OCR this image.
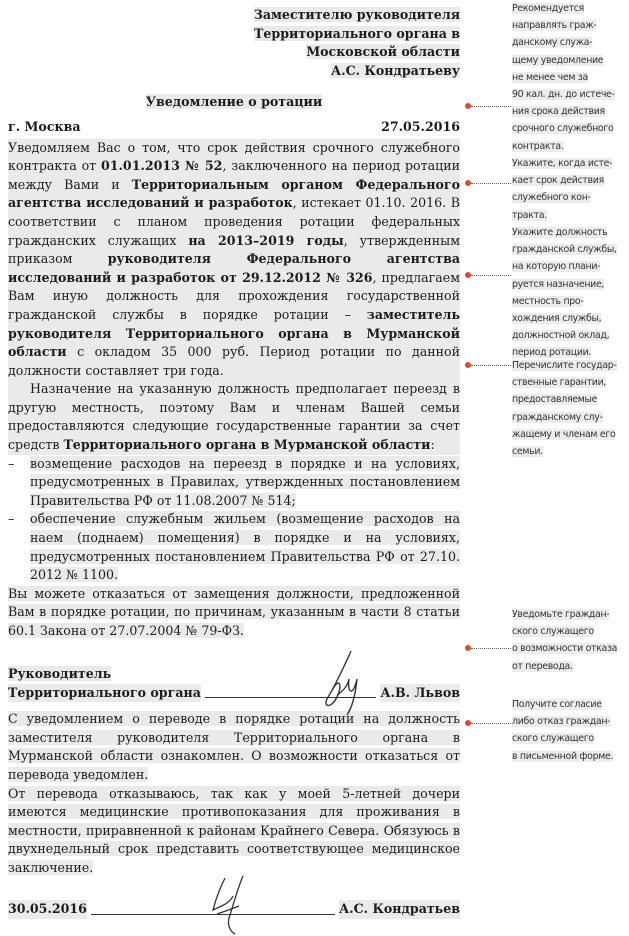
Заместителю руководителя
Территориального органа в Московской области
А.С. Кондратьеву
Уведомление о ротации
г. Москва	27.05.2016

Уведомляем Вас о том, что срок действия срочного служебного контракта от 01.01.2013 № 52, заключенного на период ротации между Вами и Территориальным органом Федерального агентства исследований и разработок, истекает 01.10. 2016. В соответствии с планом проведения ротации федеральных гражданских служащих на 2013–2019 годы, утвержденным приказом руководителя Федерального агентства исследований и разработок от 29.12.2012 № 326, предлагаем Вам иную должность для прохождения государственной гражданской службы в порядке ротации – заместитель руководителя Территориального органа в Мурманской области с окладом 35 000 руб. Период ротации по данной должности составляет три года.

Назначение на указанную должность предполагает переезд в другую местность, поэтому Вам и членам Вашей семьи предоставляются следующие государственные гарантии за счет средств Территориального органа в Мурманской области:

– возмещение расходов на переезд в порядке и на условиях, предусмотренных в Правилах, утвержденных постановлением Правительства РФ от 11.08.2007 № 514;
– обеспечение служебным жильем (возмещение расходов на наем (поднаем) помещения) в порядке и на условиях, предусмотренных постановлением Правительства РФ от 27.10. 2012 № 1100.

Вы можете отказаться от замещения должности, предложенной Вам в порядке ротации, по причинам, указанным в части 8 статьи 60.1 Закона от 27.07.2004 № 79-ФЗ.

Руководитель
Территориального органа	А.В. Львов

С уведомлением о переводе в порядке ротации на должность заместителя руководителя Территориального органа в Мурманской области ознакомлен. О возможности отказаться от перевода уведомлен.

От перевода отказываюсь, так как у моей 5-летней дочери имеются медицинские противопоказания для проживания в местности, приравненной к районам Крайнего Севера. Обязуюсь в двухнедельный срок представить соответствующее медицинское заключение.

30.05.2016	А.С. Кондратьев
Рекомендуется
направлять граж-
данскому служа-
щему уведомление
не менее чем за
90 кал. дн. до истече-
ния срока действия
срочного служебного
контракта.
Укажите, когда исте-
кает срок действия
служебного кон-
тракта.
Укажите должность
гражданской службы,
на которую плани-
руется назначение,
местность про-
хождения службы,
должностной оклад,
период ротации.
Перечислите государ-
ственные гарантии,
предоставляемые
гражданскому слу-
жащему и членам его
семьи.
Уведомьте граждан-
ского служащего
о возможности отказа
от перевода.
Получите согласие
либо отказ граждан-
ского служащего
в письменной форме.
